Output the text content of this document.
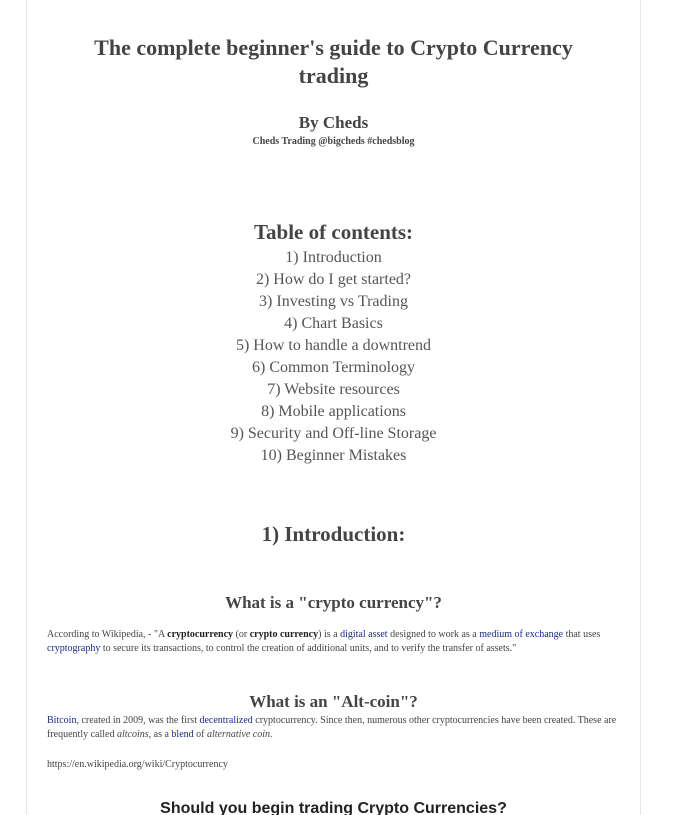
The complete beginner's guide to Crypto Currency trading
By Cheds
Cheds Trading @bigcheds #chedsblog
Table of contents:
1) Introduction
2) How do I get started?
3) Investing vs Trading
4) Chart Basics
5) How to handle a downtrend
6) Common Terminology
7) Website resources
8) Mobile applications
9) Security and Off-line Storage
10) Beginner Mistakes
1) Introduction:
What is a "crypto currency"?

According to Wikipedia, - "A cryptocurrency (or crypto currency) is a digital asset designed to work as a medium of exchange that uses cryptography to secure its transactions, to control the creation of additional units, and to verify the transfer of assets."

What is an "Alt-coin"?

Bitcoin, created in 2009, was the first decentralized cryptocurrency. Since then, numerous other cryptocurrencies have been created. These are frequently called altcoins, as a blend of alternative coin.

https://en.wikipedia.org/wiki/Cryptocurrency

Should you begin trading Crypto Currencies?
